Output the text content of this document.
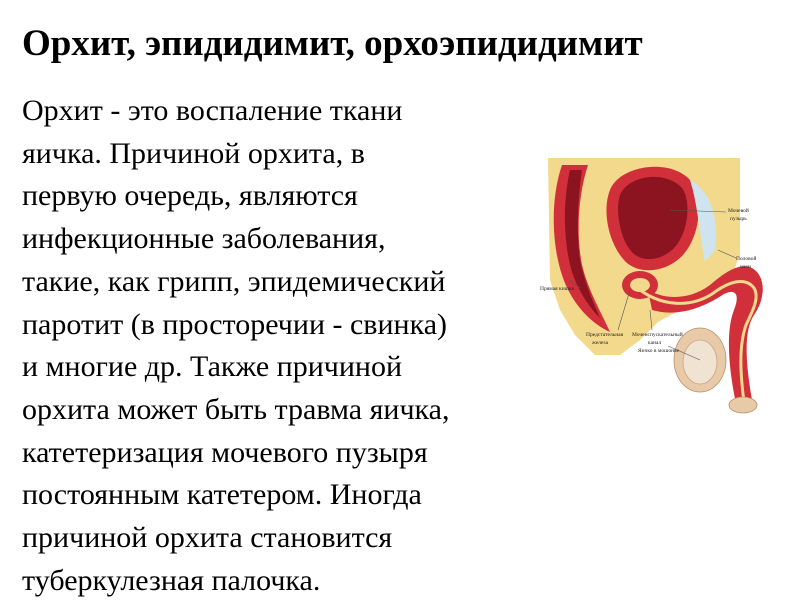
Орхит, эпидидимит, орхоэпидидимит
Орхит - это воспаление ткани
яичка. Причиной орхита, в
первую очередь, являются
инфекционные заболевания,
такие, как грипп, эпидемический
паротит (в просторечии - свинка)
и многие др. Также причиной
орхита может быть травма яичка,
катетеризация мочевого пузыря
постоянным катетером. Иногда
причиной орхита становится
туберкулезная палочка.
Мочевой
пузырь
Половой
член
Прямая кишка
Предстательная
железа
Мочеиспускательный
канал
Яичко в мошонке
